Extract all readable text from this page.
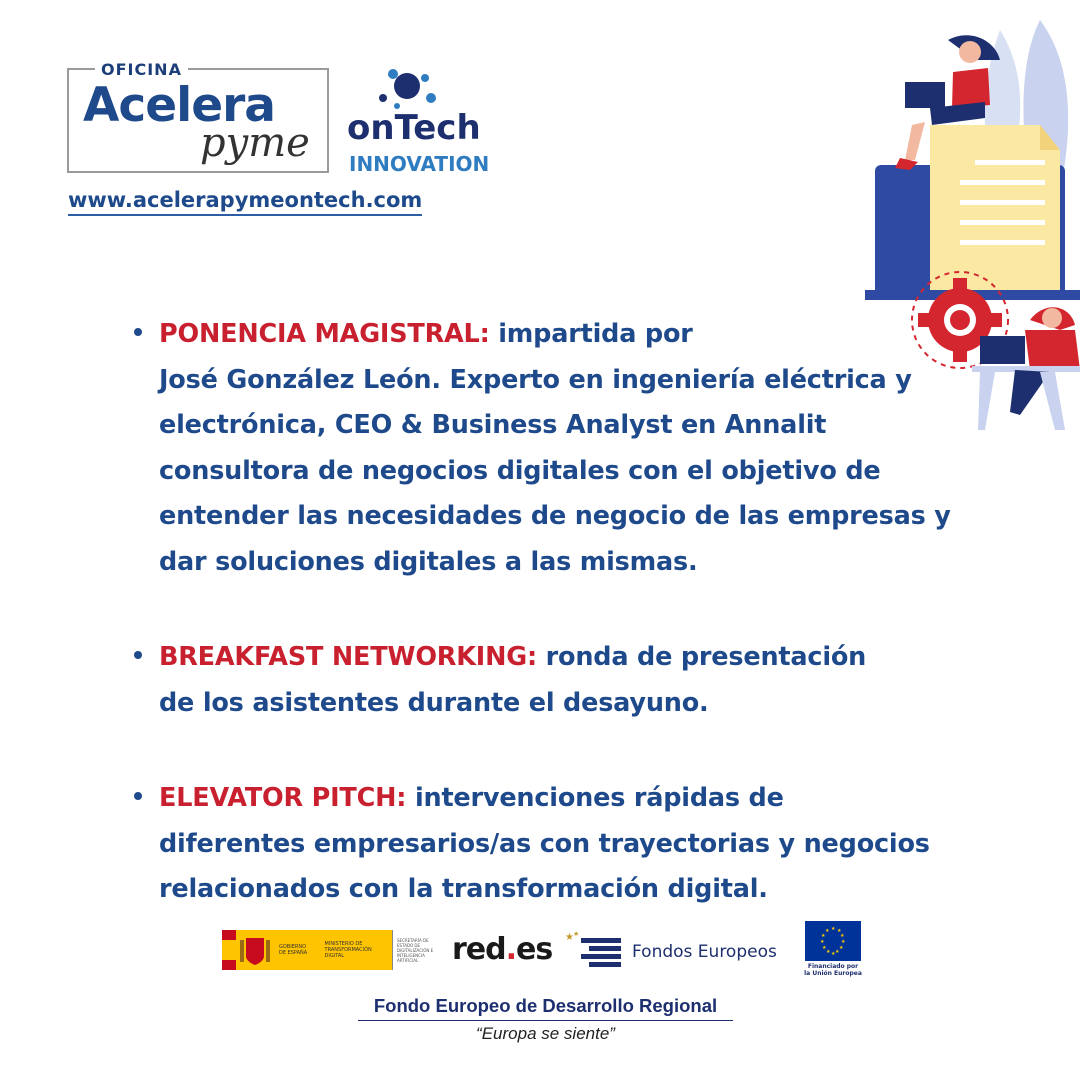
OFICINA
Acelera
pyme onTech
INNOVATION
www.acelerapymeontech.com

PONENCIA MAGISTRAL: impartida por
José González León. Experto en ingeniería eléctrica y
electrónica, CEO & Business Analyst en Annalit
consultora de negocios digitales con el objetivo de
entender las necesidades de negocio de las empresas y
dar soluciones digitales a las mismas.

BREAKFAST NETWORKING: ronda de presentación
de los asistentes durante el desayuno.

ELEVATOR PITCH: intervenciones rápidas de
diferentes empresarios/as con trayectorias y negocios
relacionados con la transformación digital.

GOBIERNO DE ESPAÑA
MINISTERIO DE TRANSFORMACIÓN DIGITAL
SECRETARÍA DE ESTADO DE DIGITALIZACIÓN E INTELIGENCIA ARTIFICIAL	red.es ★ ★
Fondos Europeos
★ ★
★
★
★
★
★
★
★
★
★
★
Financiado por
la Unión Europea
Fondo Europeo de Desarrollo Regional
“Europa se siente”
